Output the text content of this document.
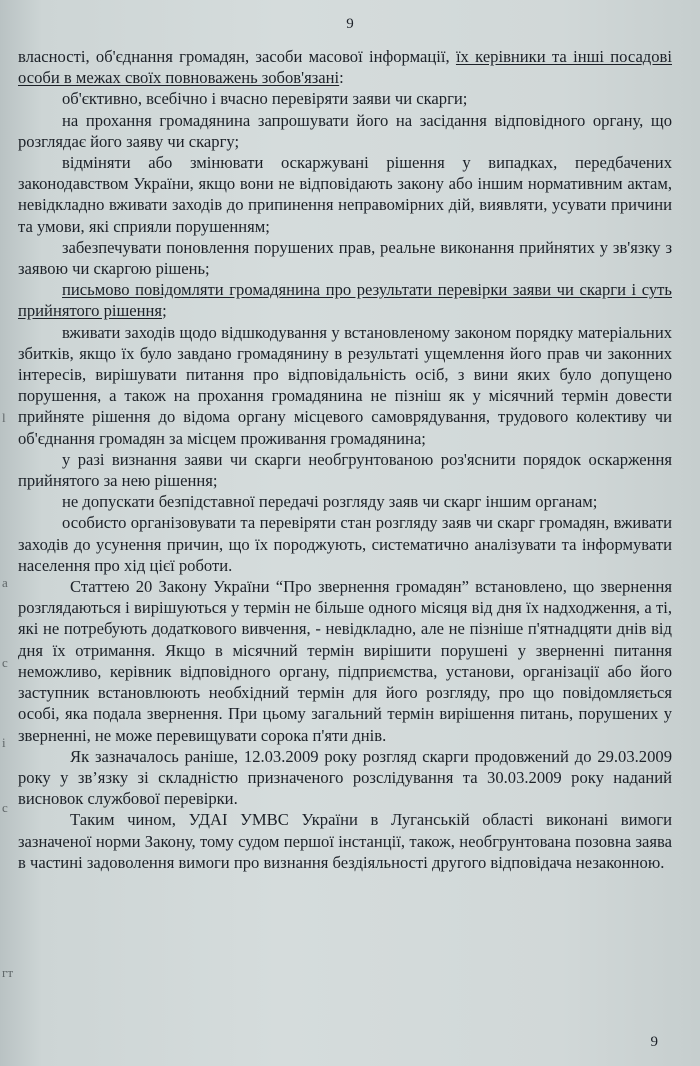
9

власності, об'єднання громадян, засоби масової інформації, їх керівники та інші посадові особи в межах своїх повноважень зобов'язані:

об'єктивно, всебічно і вчасно перевіряти заяви чи скарги;

на прохання громадянина запрошувати його на засідання відповідного органу, що розглядає його заяву чи скаргу;

відміняти або змінювати оскаржувані рішення у випадках, передбачених законодавством України, якщо вони не відповідають закону або іншим нормативним актам, невідкладно вживати заходів до припинення неправомірних дій, виявляти, усувати причини та умови, які сприяли порушенням;

забезпечувати поновлення порушених прав, реальне виконання прийнятих у зв'язку з заявою чи скаргою рішень;

письмово повідомляти громадянина про результати перевірки заяви чи скарги і суть прийнятого рішення;

вживати заходів щодо відшкодування у встановленому законом порядку матеріальних збитків, якщо їх було завдано громадянину в результаті ущемлення його прав чи законних інтересів, вирішувати питання про відповідальність осіб, з вини яких було допущено порушення, а також на прохання громадянина не пізніш як у місячний термін довести прийняте рішення до відома органу місцевого самоврядування, трудового колективу чи об'єднання громадян за місцем проживання громадянина;

у разі визнання заяви чи скарги необгрунтованою роз'яснити порядок оскарження прийнятого за нею рішення;

не допускати безпідставної передачі розгляду заяв чи скарг іншим органам;

особисто організовувати та перевіряти стан розгляду заяв чи скарг громадян, вживати заходів до усунення причин, що їх породжують, систематично аналізувати та інформувати населення про хід цієї роботи.

Статтею 20 Закону України “Про звернення громадян” встановлено, що звернення розглядаються і вирішуються у термін не більше одного місяця від дня їх надходження, а ті, які не потребують додаткового вивчення, - невідкладно, але не пізніше п'ятнадцяти днів від дня їх отримання. Якщо в місячний термін вирішити порушені у зверненні питання неможливо, керівник відповідного органу, підприємства, установи, організації або його заступник встановлюють необхідний термін для його розгляду, про що повідомляється особі, яка подала звернення. При цьому загальний термін вирішення питань, порушених у зверненні, не може перевищувати сорока п'яти днів.

Як зазначалось раніше, 12.03.2009 року розгляд скарги продовжений до 29.03.2009 року у зв’язку зі складністю призначеного розслідування та 30.03.2009 року наданий висновок службової перевірки.

Таким чином, УДАІ УМВС України в Луганській області виконані вимоги зазначеної норми Закону, тому судом першої інстанції, також, необгрунтована позовна заява в частині задоволення вимоги про визнання бездіяльності другого відповідача незаконною.

l
a
c
i
c
гт
9
